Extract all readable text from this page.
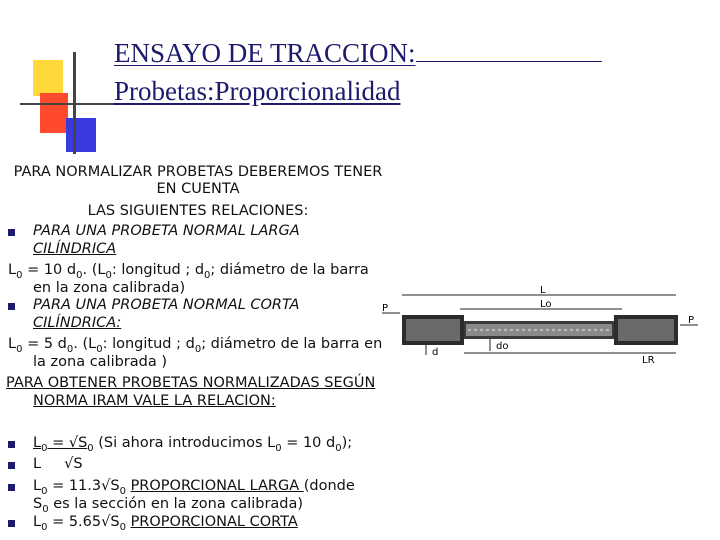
ENSAYO DE TRACCION:
Probetas:Proporcionalidad
PARA NORMALIZAR PROBETAS DEBEREMOS TENER
EN CUENTA
LAS SIGUIENTES RELACIONES:
PARA UNA PROBETA NORMAL LARGA
CILÍNDRICA
$L_0 = 10$ $d_0$. ($L_0$: longitud ; $d_0$; diámetro de la barra
en la zona calibrada)
PARA UNA PROBETA NORMAL CORTA
CILÍNDRICA:
$L_0 = 5$ $d_0$. ($L_0$: longitud ; $d_0$; diámetro de la barra en
la zona calibrada )
PARA OBTENER PROBETAS NORMALIZADAS SEGÚN
NORMA IRAM VALE LA RELACION:
$L_0 = √S_0$ (Si ahora introducimos $L_0 = 10$ $d_0$);
L     √S
$L_0 = 11.3√S_0$ PROPORCIONAL LARGA (donde
$S_0$ es la sección en la zona calibrada)
$L_0 = 5.65√S_0$ PROPORCIONAL CORTA
L
Lo
P
P
d
do
LR
